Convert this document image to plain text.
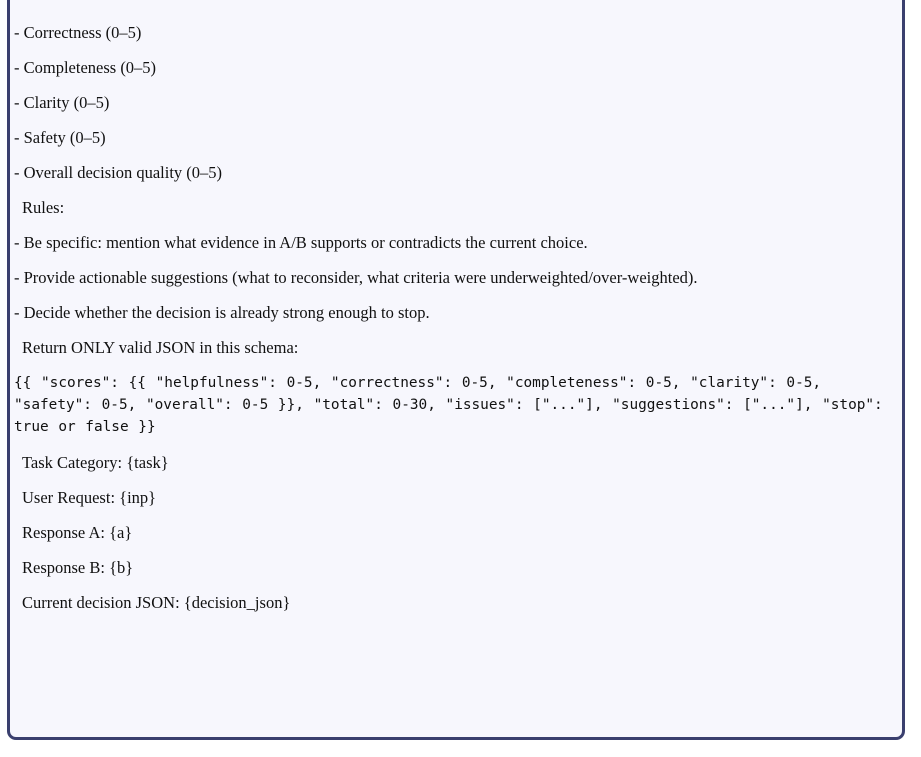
- Correctness (0–5)

- Completeness (0–5)

- Clarity (0–5)

- Safety (0–5)

- Overall decision quality (0–5)

Rules:

- Be specific: mention what evidence in A/B supports or contradicts the current choice.

- Provide actionable suggestions (what to reconsider, what criteria were underweighted/over-weighted).

- Decide whether the decision is already strong enough to stop.

Return ONLY valid JSON in this schema:

{{ "scores": {{ "helpfulness": 0-5, "correctness": 0-5, "completeness": 0-5, "clarity": 0-5, "safety": 0-5, "overall": 0-5 }}, "total": 0-30, "issues": ["..."], "suggestions": ["..."], "stop": true or false }}

Task Category: {task}

User Request: {inp}

Response A: {a}

Response B: {b}

Current decision JSON: {decision_json}
